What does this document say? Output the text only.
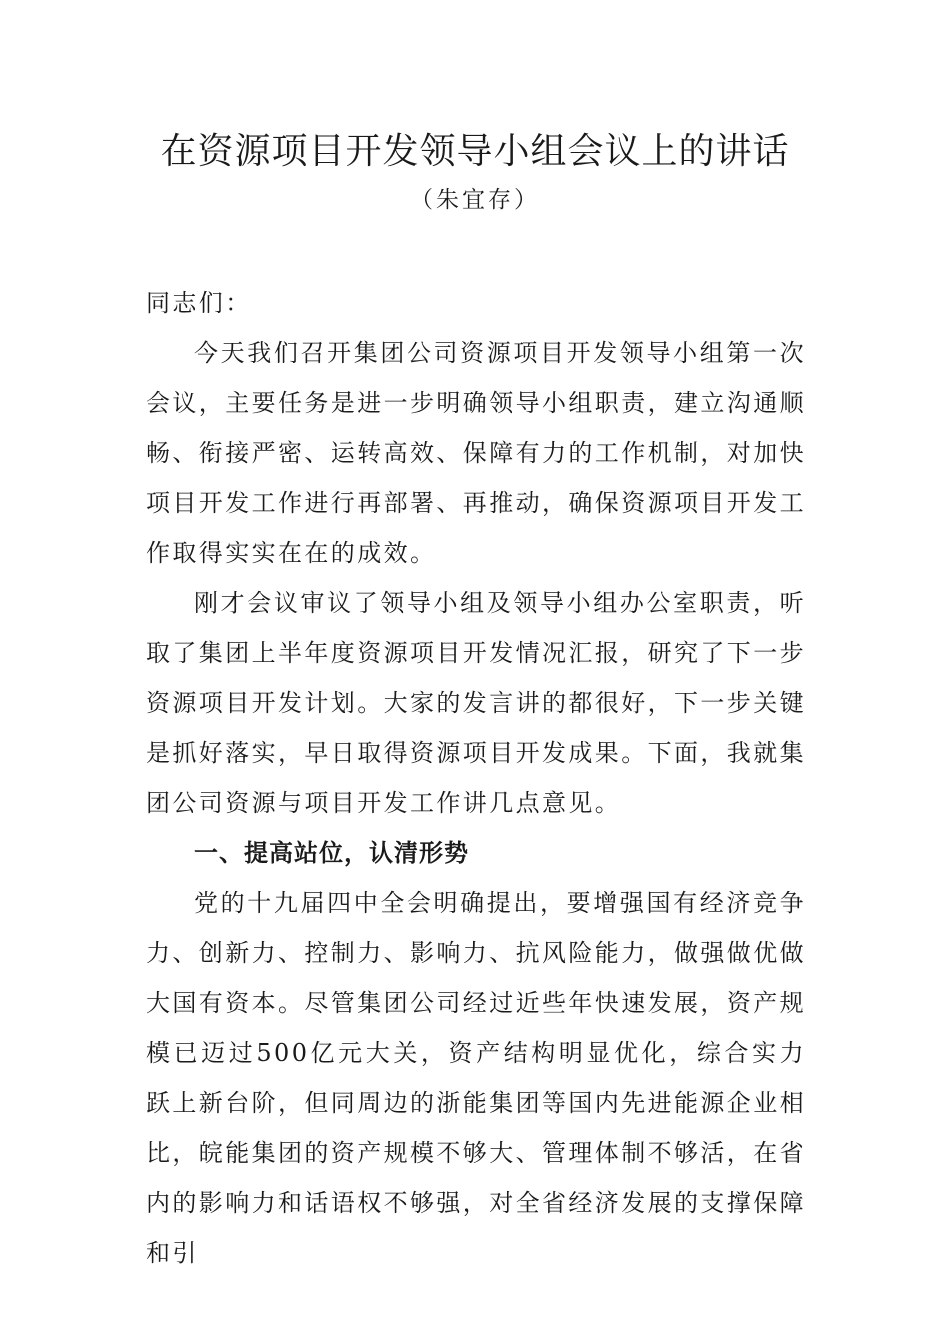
在资源项目开发领导小组会议上的讲话
（朱宜存）

同志们：

今天我们召开集团公司资源项目开发领导小组第一次会议，主要任务是进一步明确领导小组职责，建立沟通顺畅、衔接严密、运转高效、保障有力的工作机制，对加快项目开发工作进行再部署、再推动，确保资源项目开发工作取得实实在在的成效。

刚才会议审议了领导小组及领导小组办公室职责，听取了集团上半年度资源项目开发情况汇报，研究了下一步资源项目开发计划。大家的发言讲的都很好，下一步关键是抓好落实，早日取得资源项目开发成果。下面，我就集团公司资源与项目开发工作讲几点意见。

一、提高站位，认清形势

党的十九届四中全会明确提出，要增强国有经济竞争力、创新力、控制力、影响力、抗风险能力，做强做优做大国有资本。尽管集团公司经过近些年快速发展，资产规模已迈过500亿元大关，资产结构明显优化，综合实力跃上新台阶，但同周边的浙能集团等国内先进能源企业相比，皖能集团的资产规模不够大、管理体制不够活，在省内的影响力和话语权不够强，对全省经济发展的支撑保障和引
